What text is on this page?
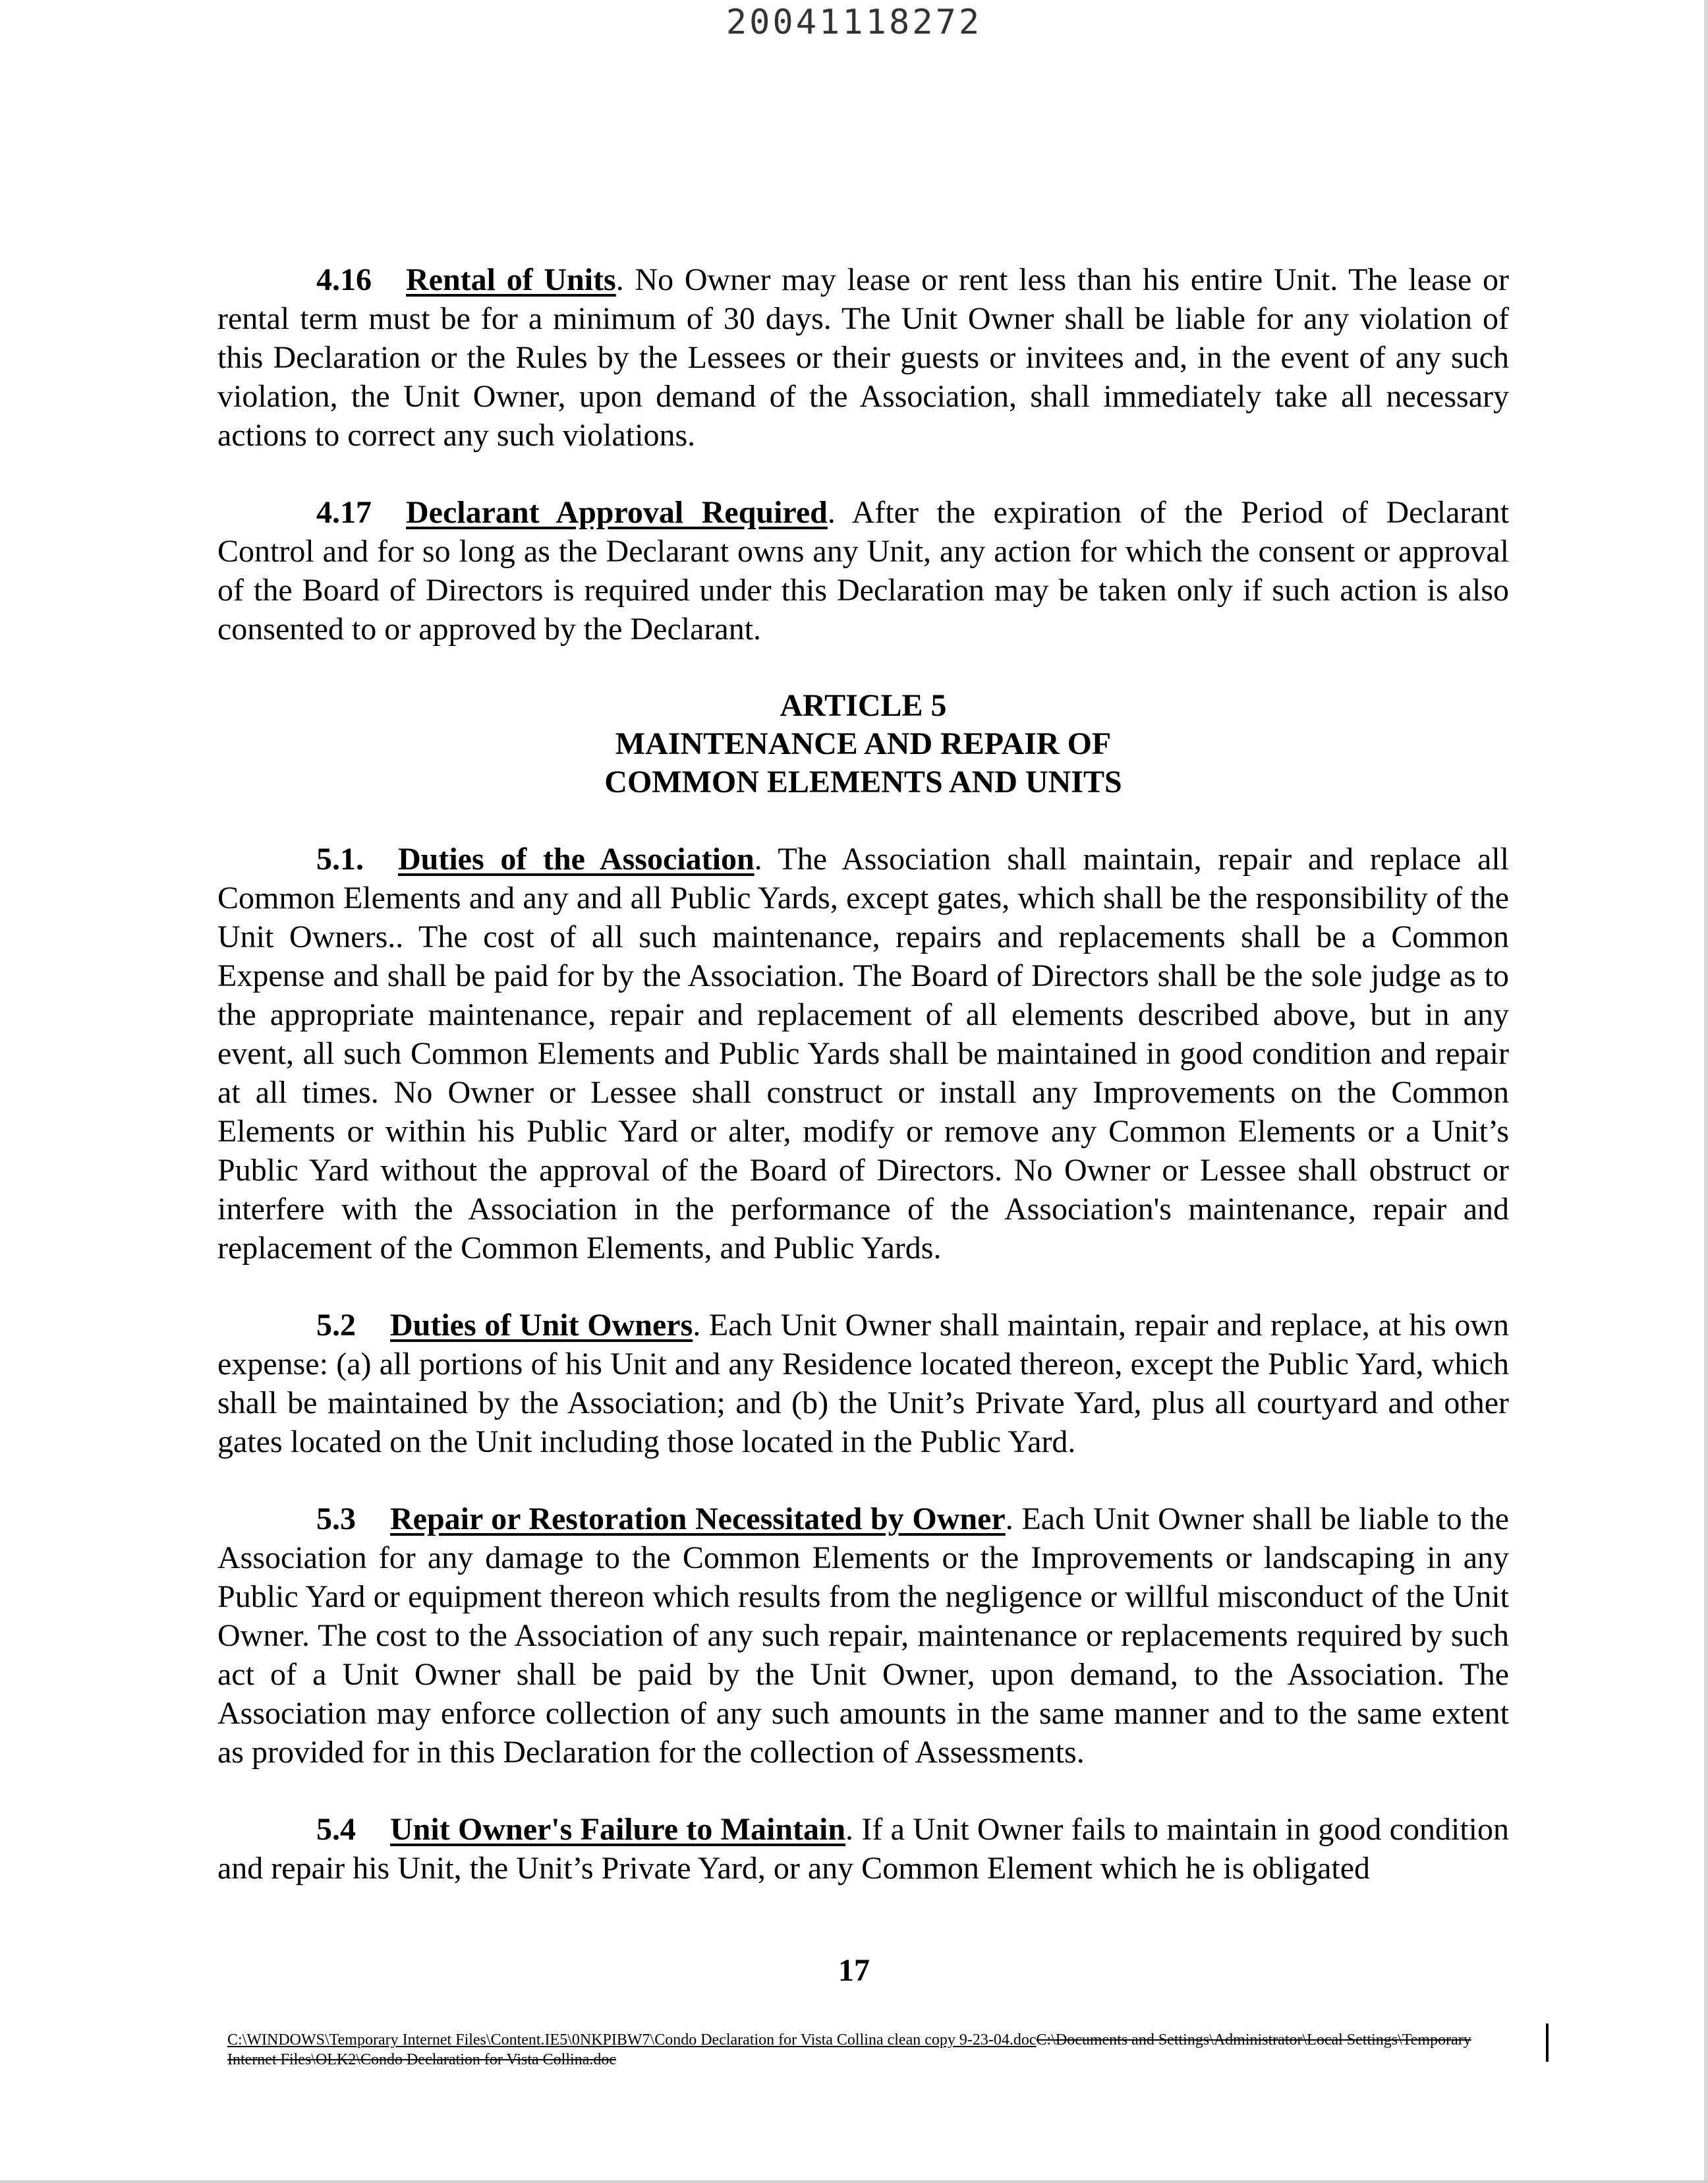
20041118272

4.16 Rental of Units. No Owner may lease or rent less than his entire Unit. The lease or rental term must be for a minimum of 30 days. The Unit Owner shall be liable for any violation of this Declaration or the Rules by the Lessees or their guests or invitees and, in the event of any such violation, the Unit Owner, upon demand of the Association, shall immediately take all necessary actions to correct any such violations.

4.17 Declarant Approval Required. After the expiration of the Period of Declarant Control and for so long as the Declarant owns any Unit, any action for which the consent or approval of the Board of Directors is required under this Declaration may be taken only if such action is also consented to or approved by the Declarant.

ARTICLE 5
MAINTENANCE AND REPAIR OF
COMMON ELEMENTS AND UNITS

5.1. Duties of the Association. The Association shall maintain, repair and replace all Common Elements and any and all Public Yards, except gates, which shall be the responsibility of the Unit Owners.. The cost of all such maintenance, repairs and replacements shall be a Common Expense and shall be paid for by the Association. The Board of Directors shall be the sole judge as to the appropriate maintenance, repair and replacement of all elements described above, but in any event, all such Common Elements and Public Yards shall be maintained in good condition and repair at all times. No Owner or Lessee shall construct or install any Improvements on the Common Elements or within his Public Yard or alter, modify or remove any Common Elements or a Unit’s Public Yard without the approval of the Board of Directors. No Owner or Lessee shall obstruct or interfere with the Association in the performance of the Association's maintenance, repair and replacement of the Common Elements, and Public Yards.

5.2 Duties of Unit Owners. Each Unit Owner shall maintain, repair and replace, at his own expense: (a) all portions of his Unit and any Residence located thereon, except the Public Yard, which shall be maintained by the Association; and (b) the Unit’s Private Yard, plus all courtyard and other gates located on the Unit including those located in the Public Yard.

5.3 Repair or Restoration Necessitated by Owner. Each Unit Owner shall be liable to the Association for any damage to the Common Elements or the Improvements or landscaping in any Public Yard or equipment thereon which results from the negligence or willful misconduct of the Unit Owner. The cost to the Association of any such repair, maintenance or replacements required by such act of a Unit Owner shall be paid by the Unit Owner, upon demand, to the Association. The Association may enforce collection of any such amounts in the same manner and to the same extent as provided for in this Declaration for the collection of Assessments.

5.4 Unit Owner's Failure to Maintain. If a Unit Owner fails to maintain in good condition and repair his Unit, the Unit’s Private Yard, or any Common Element which he is obligated

17
C:\WINDOWS\Temporary Internet Files\Content.IE5\0NKPIBW7\Condo Declaration for Vista Collina clean copy 9-23-04.docC:\Documents and Settings\Administrator\Local Settings\Temporary Internet Files\OLK2\Condo Declaration for Vista Collina.doc
